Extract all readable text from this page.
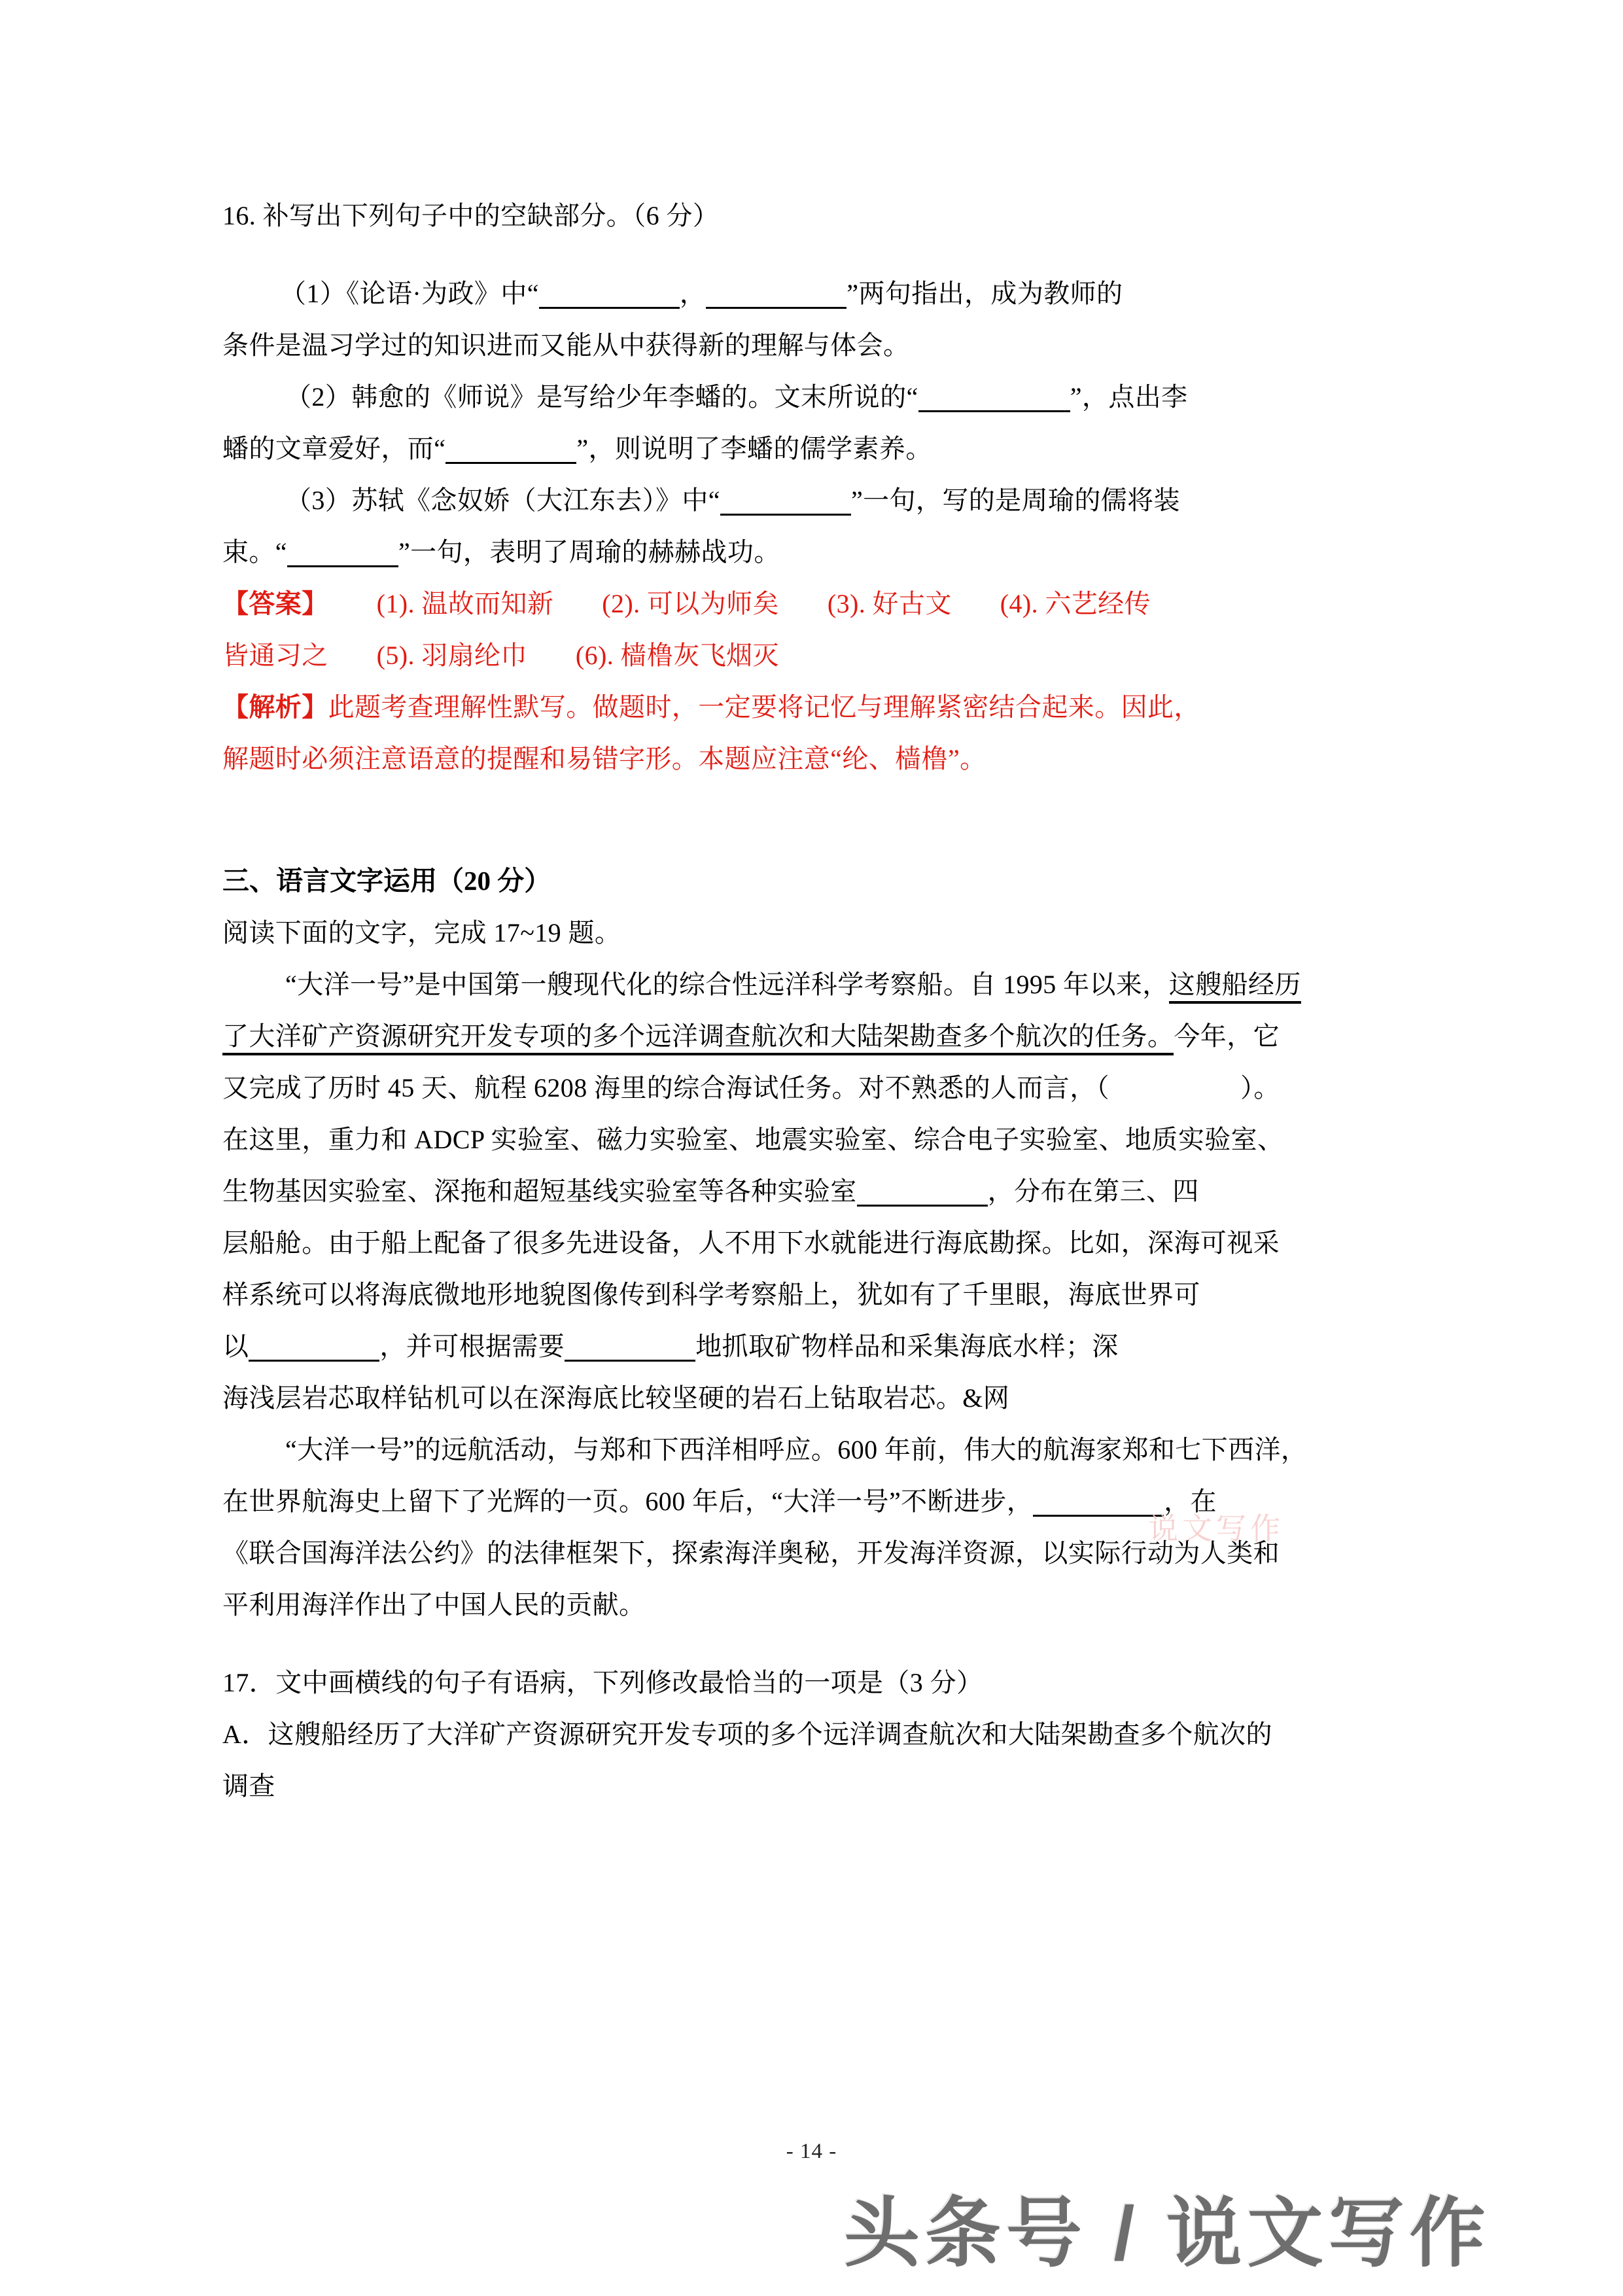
16. 补写出下列句子中的空缺部分。（6 分）
（1）《论语·为政》中“	，	”两句指出，成为教师的
条件是温习学过的知识进而又能从中获得新的理解与体会。
（2）韩愈的《师说》是写给少年李蟠的。文末所说的“	”，点出李
蟠的文章爱好，而“	”，则说明了李蟠的儒学素养。
（3）苏轼《念奴娇（大江东去）》中“	”一句，写的是周瑜的儒将装
束。“	”一句，表明了周瑜的赫赫战功。
【答案】 (1). 温故而知新 (2). 可以为师矣 (3). 好古文 (4). 六艺经传
皆通习之 (5). 羽扇纶巾 (6). 樯橹灰飞烟灭
【解析】此题考查理解性默写。做题时，一定要将记忆与理解紧密结合起来。因此，
解题时必须注意语意的提醒和易错字形。本题应注意“纶、樯橹”。
三、语言文字运用（20 分）
阅读下面的文字，完成 17~19 题。
“大洋一号”是中国第一艘现代化的综合性远洋科学考察船。自 1995 年以来，这艘船经历
了大洋矿产资源研究开发专项的多个远洋调查航次和大陆架勘查多个航次的任务。今年，它
又完成了历时 45 天、航程 6208 海里的综合海试任务。对不熟悉的人而言，（	）。
在这里，重力和 ADCP 实验室、磁力实验室、地震实验室、综合电子实验室、地质实验室、
生物基因实验室、深拖和超短基线实验室等各种实验室	，分布在第三、四
层船舱。由于船上配备了很多先进设备，人不用下水就能进行海底勘探。比如，深海可视采
样系统可以将海底微地形地貌图像传到科学考察船上，犹如有了千里眼，海底世界可
以	，并可根据需要	地抓取矿物样品和采集海底水样；深
海浅层岩芯取样钻机可以在深海底比较坚硬的岩石上钻取岩芯。&网
“大洋一号”的远航活动，与郑和下西洋相呼应。600 年前，伟大的航海家郑和七下西洋，
在世界航海史上留下了光辉的一页。600 年后，“大洋一号”不断进步，	，在
《联合国海洋法公约》的法律框架下，探索海洋奥秘，开发海洋资源，以实际行动为人类和
平利用海洋作出了中国人民的贡献。
17．文中画横线的句子有语病，下列修改最恰当的一项是（3 分）
A．这艘船经历了大洋矿产资源研究开发专项的多个远洋调查航次和大陆架勘查多个航次的
调查
说文写作
- 14 -
头条号 / 说文写作
